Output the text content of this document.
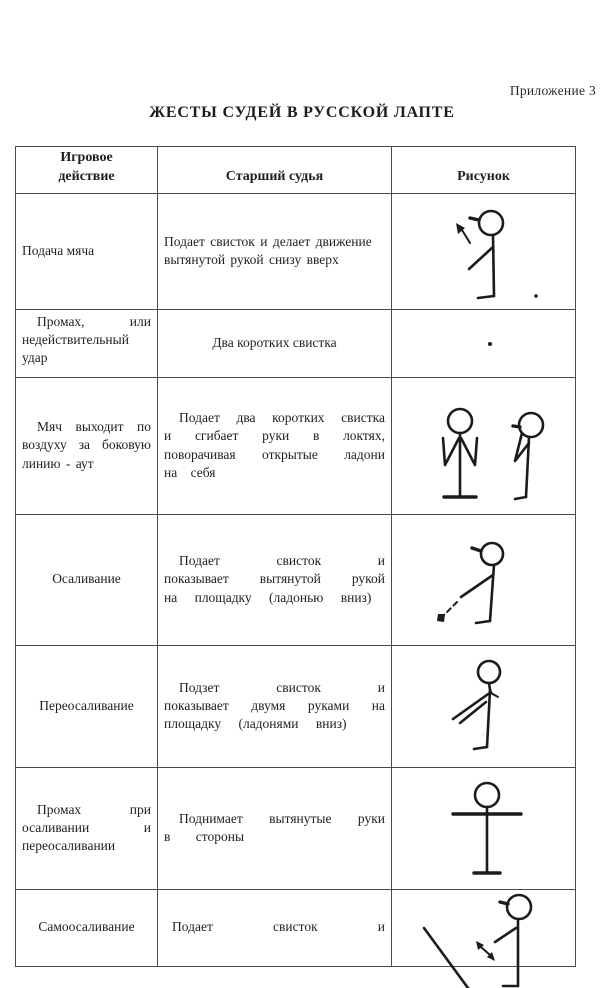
Приложение 3
ЖЕСТЫ СУДЕЙ В РУССКОЙ ЛАПТЕ
Игровое действие	Старший судья	Рисунок
Подача мяча	Подает свисток и делает движение вытянутой рукой снизу вверх	

Промах, или недействительный удар	Два коротких свистка	

Мяч выходит по воздуху за боковую линию - аут	Подает два коротких свистка и сгибает руки в локтях, поворачивая открытые ладони на себя	

Осаливание	Подает свисток и показывает вытянутой рукой на площадку (ладонью вниз)	

Переосаливание	Подзет свисток и показывает двумя руками на площадку (ладонями вниз)	

Промах при осаливании и переосаливании	Поднимает вытянутые руки в стороны	

Самоосаливание	Подает свисток и	
